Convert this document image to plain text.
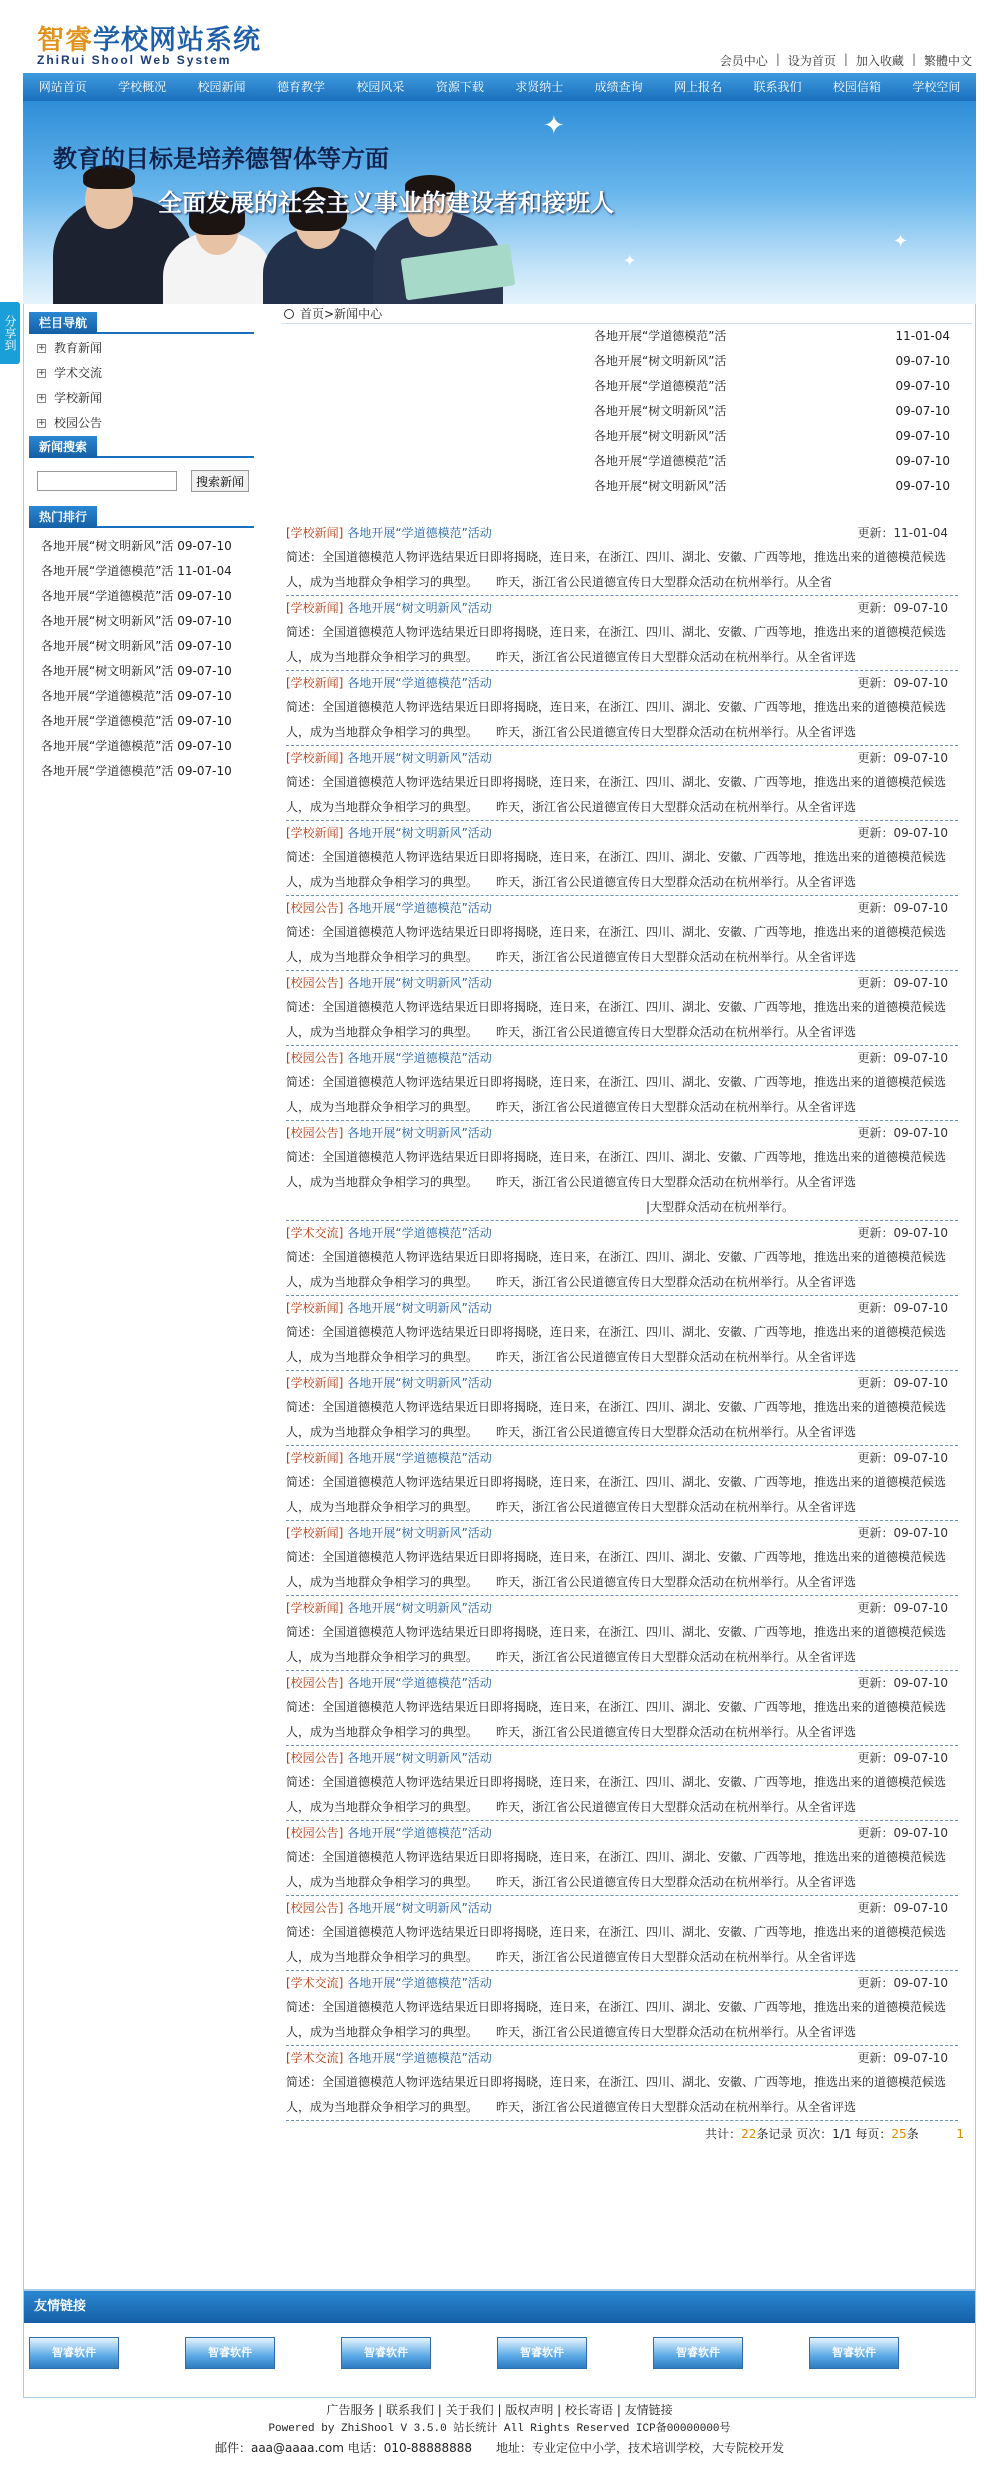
智睿学校网站系统
ZhiRui Shool Web System	会员中心 | 设为首页 | 加入收藏 | 繁體中文
网站首页	学校概况	校园新闻	德育教学	校园风采	资源下载	求贤纳士	成绩查询	网上报名	联系我们	校园信箱	学校空间
✦
✦
✦
教育的目标是培养德智体等方面
全面发展的社会主义事业的建设者和接班人
分享到	栏目导航
+ 教育新闻
+ 学术交流
+ 学校新闻
+ 校园公告
新闻搜索
搜索新闻
热门排行
各地开展“树文明新风”活 09-07-10
各地开展“学道德模范”活 11-01-04
各地开展“学道德模范”活 09-07-10
各地开展“树文明新风”活 09-07-10
各地开展“树文明新风”活 09-07-10
各地开展“树文明新风”活 09-07-10
各地开展“学道德模范”活 09-07-10
各地开展“学道德模范”活 09-07-10
各地开展“学道德模范”活 09-07-10
各地开展“学道德模范”活 09-07-10
首页 > 新闻中心
各地开展“学道德模范”活	11-01-04
各地开展“树文明新风”活	09-07-10
各地开展“学道德模范”活	09-07-10
各地开展“树文明新风”活	09-07-10
各地开展“树文明新风”活	09-07-10
各地开展“学道德模范”活	09-07-10
各地开展“树文明新风”活	09-07-10
[学校新闻] 各地开展“学道德模范”活动	更新：11-01-04
简述：全国道德模范人物评选结果近日即将揭晓，连日来，在浙江、四川、湖北、安徽、广西等地，推选出来的道德模范候选
人，成为当地群众争相学习的典型。　　昨天，浙江省公民道德宣传日大型群众活动在杭州举行。从全省
[学校新闻] 各地开展“树文明新风”活动	更新：09-07-10
简述：全国道德模范人物评选结果近日即将揭晓，连日来，在浙江、四川、湖北、安徽、广西等地，推选出来的道德模范候选
人，成为当地群众争相学习的典型。　　昨天，浙江省公民道德宣传日大型群众活动在杭州举行。从全省评选
[学校新闻] 各地开展“学道德模范”活动	更新：09-07-10
简述：全国道德模范人物评选结果近日即将揭晓，连日来，在浙江、四川、湖北、安徽、广西等地，推选出来的道德模范候选
人，成为当地群众争相学习的典型。　　昨天，浙江省公民道德宣传日大型群众活动在杭州举行。从全省评选
[学校新闻] 各地开展“树文明新风”活动	更新：09-07-10
简述：全国道德模范人物评选结果近日即将揭晓，连日来，在浙江、四川、湖北、安徽、广西等地，推选出来的道德模范候选
人，成为当地群众争相学习的典型。　　昨天，浙江省公民道德宣传日大型群众活动在杭州举行。从全省评选
[学校新闻] 各地开展“树文明新风”活动	更新：09-07-10
简述：全国道德模范人物评选结果近日即将揭晓，连日来，在浙江、四川、湖北、安徽、广西等地，推选出来的道德模范候选
人，成为当地群众争相学习的典型。　　昨天，浙江省公民道德宣传日大型群众活动在杭州举行。从全省评选
[校园公告] 各地开展“学道德模范”活动	更新：09-07-10
简述：全国道德模范人物评选结果近日即将揭晓，连日来，在浙江、四川、湖北、安徽、广西等地，推选出来的道德模范候选
人，成为当地群众争相学习的典型。　　昨天，浙江省公民道德宣传日大型群众活动在杭州举行。从全省评选
[校园公告] 各地开展“树文明新风”活动	更新：09-07-10
简述：全国道德模范人物评选结果近日即将揭晓，连日来，在浙江、四川、湖北、安徽、广西等地，推选出来的道德模范候选
人，成为当地群众争相学习的典型。　　昨天，浙江省公民道德宣传日大型群众活动在杭州举行。从全省评选
[校园公告] 各地开展“学道德模范”活动	更新：09-07-10
简述：全国道德模范人物评选结果近日即将揭晓，连日来，在浙江、四川、湖北、安徽、广西等地，推选出来的道德模范候选
人，成为当地群众争相学习的典型。　　昨天，浙江省公民道德宣传日大型群众活动在杭州举行。从全省评选
[校园公告] 各地开展“树文明新风”活动	更新：09-07-10
简述：全国道德模范人物评选结果近日即将揭晓，连日来，在浙江、四川、湖北、安徽、广西等地，推选出来的道德模范候选
人，成为当地群众争相学习的典型。　　昨天，浙江省公民道德宣传日大型群众活动在杭州举行。从全省评选
|大型群众活动在杭州举行。
[学术交流] 各地开展“学道德模范”活动	更新：09-07-10
简述：全国道德模范人物评选结果近日即将揭晓，连日来，在浙江、四川、湖北、安徽、广西等地，推选出来的道德模范候选
人，成为当地群众争相学习的典型。　　昨天，浙江省公民道德宣传日大型群众活动在杭州举行。从全省评选
[学校新闻] 各地开展“树文明新风”活动	更新：09-07-10
简述：全国道德模范人物评选结果近日即将揭晓，连日来，在浙江、四川、湖北、安徽、广西等地，推选出来的道德模范候选
人，成为当地群众争相学习的典型。　　昨天，浙江省公民道德宣传日大型群众活动在杭州举行。从全省评选
[学校新闻] 各地开展“树文明新风”活动	更新：09-07-10
简述：全国道德模范人物评选结果近日即将揭晓，连日来，在浙江、四川、湖北、安徽、广西等地，推选出来的道德模范候选
人，成为当地群众争相学习的典型。　　昨天，浙江省公民道德宣传日大型群众活动在杭州举行。从全省评选
[学校新闻] 各地开展“学道德模范”活动	更新：09-07-10
简述：全国道德模范人物评选结果近日即将揭晓，连日来，在浙江、四川、湖北、安徽、广西等地，推选出来的道德模范候选
人，成为当地群众争相学习的典型。　　昨天，浙江省公民道德宣传日大型群众活动在杭州举行。从全省评选
[学校新闻] 各地开展“树文明新风”活动	更新：09-07-10
简述：全国道德模范人物评选结果近日即将揭晓，连日来，在浙江、四川、湖北、安徽、广西等地，推选出来的道德模范候选
人，成为当地群众争相学习的典型。　　昨天，浙江省公民道德宣传日大型群众活动在杭州举行。从全省评选
[学校新闻] 各地开展“树文明新风”活动	更新：09-07-10
简述：全国道德模范人物评选结果近日即将揭晓，连日来，在浙江、四川、湖北、安徽、广西等地，推选出来的道德模范候选
人，成为当地群众争相学习的典型。　　昨天，浙江省公民道德宣传日大型群众活动在杭州举行。从全省评选
[校园公告] 各地开展“学道德模范”活动	更新：09-07-10
简述：全国道德模范人物评选结果近日即将揭晓，连日来，在浙江、四川、湖北、安徽、广西等地，推选出来的道德模范候选
人，成为当地群众争相学习的典型。　　昨天，浙江省公民道德宣传日大型群众活动在杭州举行。从全省评选
[校园公告] 各地开展“树文明新风”活动	更新：09-07-10
简述：全国道德模范人物评选结果近日即将揭晓，连日来，在浙江、四川、湖北、安徽、广西等地，推选出来的道德模范候选
人，成为当地群众争相学习的典型。　　昨天，浙江省公民道德宣传日大型群众活动在杭州举行。从全省评选
[校园公告] 各地开展“学道德模范”活动	更新：09-07-10
简述：全国道德模范人物评选结果近日即将揭晓，连日来，在浙江、四川、湖北、安徽、广西等地，推选出来的道德模范候选
人，成为当地群众争相学习的典型。　　昨天，浙江省公民道德宣传日大型群众活动在杭州举行。从全省评选
[校园公告] 各地开展“树文明新风”活动	更新：09-07-10
简述：全国道德模范人物评选结果近日即将揭晓，连日来，在浙江、四川、湖北、安徽、广西等地，推选出来的道德模范候选
人，成为当地群众争相学习的典型。　　昨天，浙江省公民道德宣传日大型群众活动在杭州举行。从全省评选
[学术交流] 各地开展“学道德模范”活动	更新：09-07-10
简述：全国道德模范人物评选结果近日即将揭晓，连日来，在浙江、四川、湖北、安徽、广西等地，推选出来的道德模范候选
人，成为当地群众争相学习的典型。　　昨天，浙江省公民道德宣传日大型群众活动在杭州举行。从全省评选
[学术交流] 各地开展“学道德模范”活动	更新：09-07-10
简述：全国道德模范人物评选结果近日即将揭晓，连日来，在浙江、四川、湖北、安徽、广西等地，推选出来的道德模范候选
人，成为当地群众争相学习的典型。　　昨天，浙江省公民道德宣传日大型群众活动在杭州举行。从全省评选
共计：22条记录 页次：1/1 每页：25条	1
友情链接
智睿软件	智睿软件	智睿软件	智睿软件	智睿软件	智睿软件
广告服务 | 联系我们 | 关于我们 | 版权声明 | 校长寄语 | 友情链接
Powered by ZhiShool V 3.5.0 站长统计 All Rights Reserved ICP备00000000号
邮件：aaa@aaaa.com 电话：010-88888888　　地址：专业定位中小学，技术培训学校，大专院校开发
